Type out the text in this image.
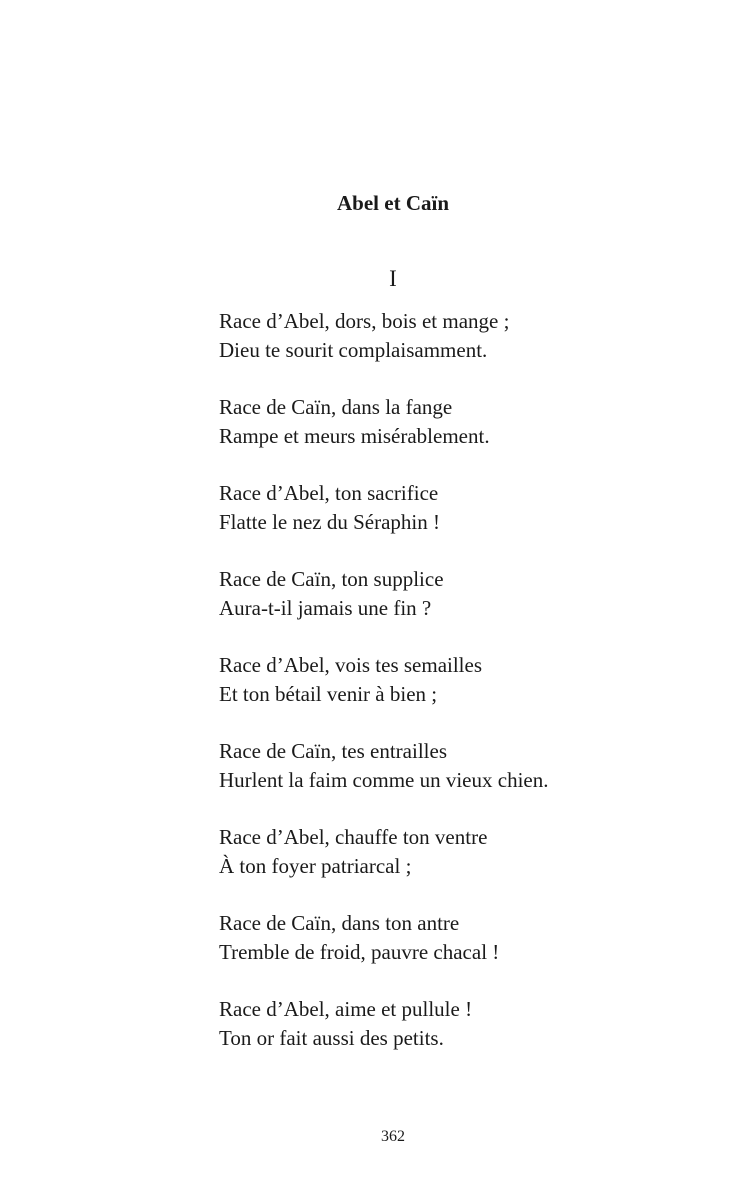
Abel et Caïn
I
Race d’Abel, dors, bois et mange ;
Dieu te sourit complaisamment.
Race de Caïn, dans la fange
Rampe et meurs misérablement.
Race d’Abel, ton sacrifice
Flatte le nez du Séraphin !
Race de Caïn, ton supplice
Aura-t-il jamais une fin ?
Race d’Abel, vois tes semailles
Et ton bétail venir à bien ;
Race de Caïn, tes entrailles
Hurlent la faim comme un vieux chien.
Race d’Abel, chauffe ton ventre
À ton foyer patriarcal ;
Race de Caïn, dans ton antre
Tremble de froid, pauvre chacal !
Race d’Abel, aime et pullule !
Ton or fait aussi des petits.
362
